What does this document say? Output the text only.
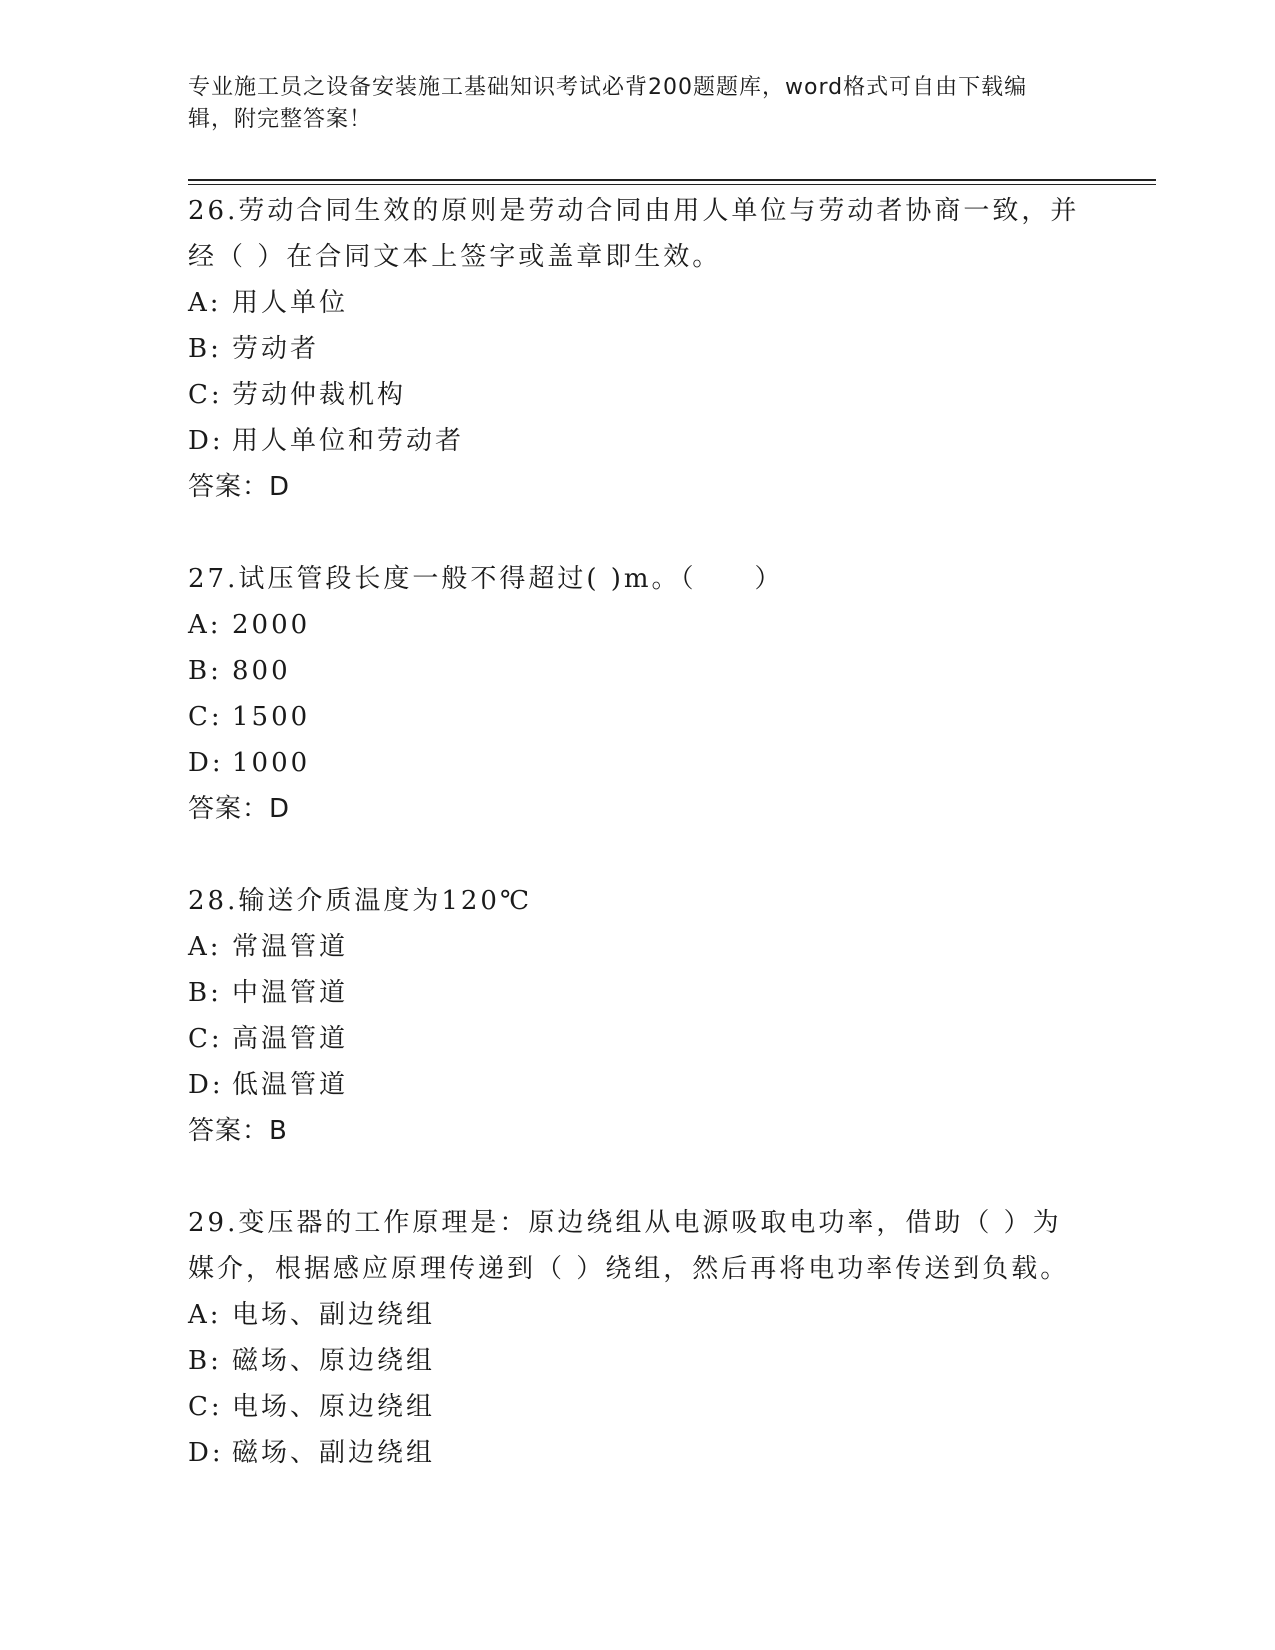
专业施工员之设备安装施工基础知识考试必背200题题库，word格式可自由下载编辑，附完整答案！
26.劳动合同生效的原则是劳动合同由用人单位与劳动者协商一致，并经（ ）在合同文本上签字或盖章即生效。
A: 用人单位
B: 劳动者
C: 劳动仲裁机构
D: 用人单位和劳动者
答案：D
27.试压管段长度一般不得超过( )m。（　　）
A: 2000
B: 800
C: 1500
D: 1000
答案：D
28.输送介质温度为120℃
A: 常温管道
B: 中温管道
C: 高温管道
D: 低温管道
答案：B
29.变压器的工作原理是：原边绕组从电源吸取电功率，借助（ ）为媒介，根据感应原理传递到（ ）绕组，然后再将电功率传送到负载。
A: 电场、副边绕组
B: 磁场、原边绕组
C: 电场、原边绕组
D: 磁场、副边绕组
